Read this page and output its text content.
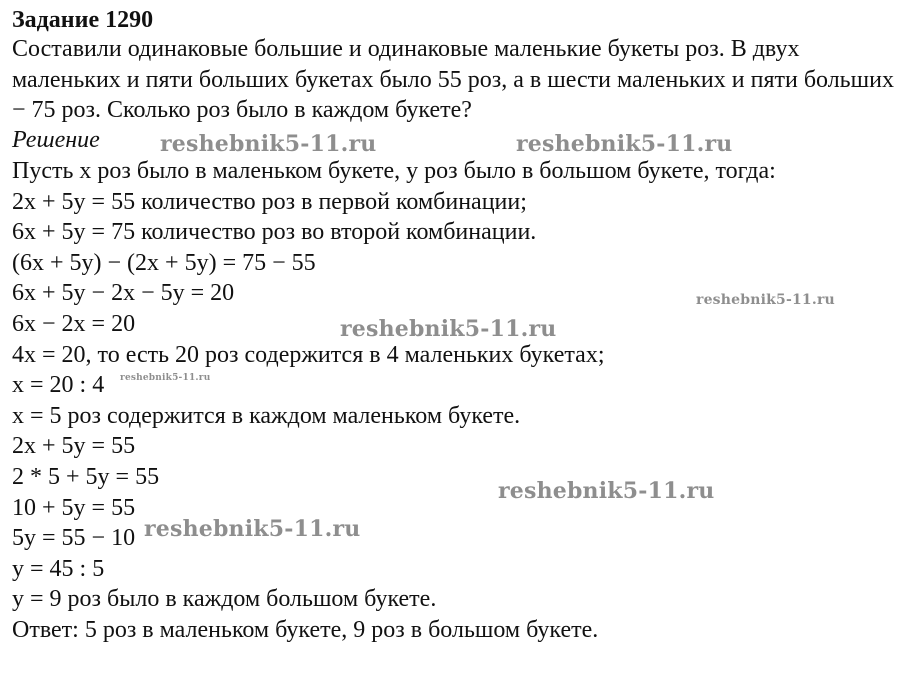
Задание 1290
Составили одинаковые большие и одинаковые маленькие букеты роз. В двух маленьких и пяти больших букетах было 55 роз, а в шести маленьких и пяти больших − 75 роз. Сколько роз было в каждом букете?
Решение
Пусть х роз было в маленьком букете, у роз было в большом букете, тогда:
2х + 5у = 55 количество роз в первой комбинации;
6х + 5у = 75 количество роз во второй комбинации.
(6х + 5у) − (2х + 5у) = 75 − 55
6х + 5у − 2х − 5у = 20
6х − 2х = 20
4х = 20, то есть 20 роз содержится в 4 маленьких букетах;
х = 20 : 4
х = 5 роз содержится в каждом маленьком букете.
2х + 5у = 55
2 * 5 + 5у = 55
10 + 5у = 55
5у = 55 − 10
у = 45 : 5
у = 9 роз было в каждом большом букете.
Ответ: 5 роз в маленьком букете, 9 роз в большом букете.
reshebnik5-11.ru	reshebnik5-11.ru
reshebnik5-11.ru
reshebnik5-11.ru
reshebnik5-11.ru
reshebnik5-11.ru
reshebnik5-11.ru
